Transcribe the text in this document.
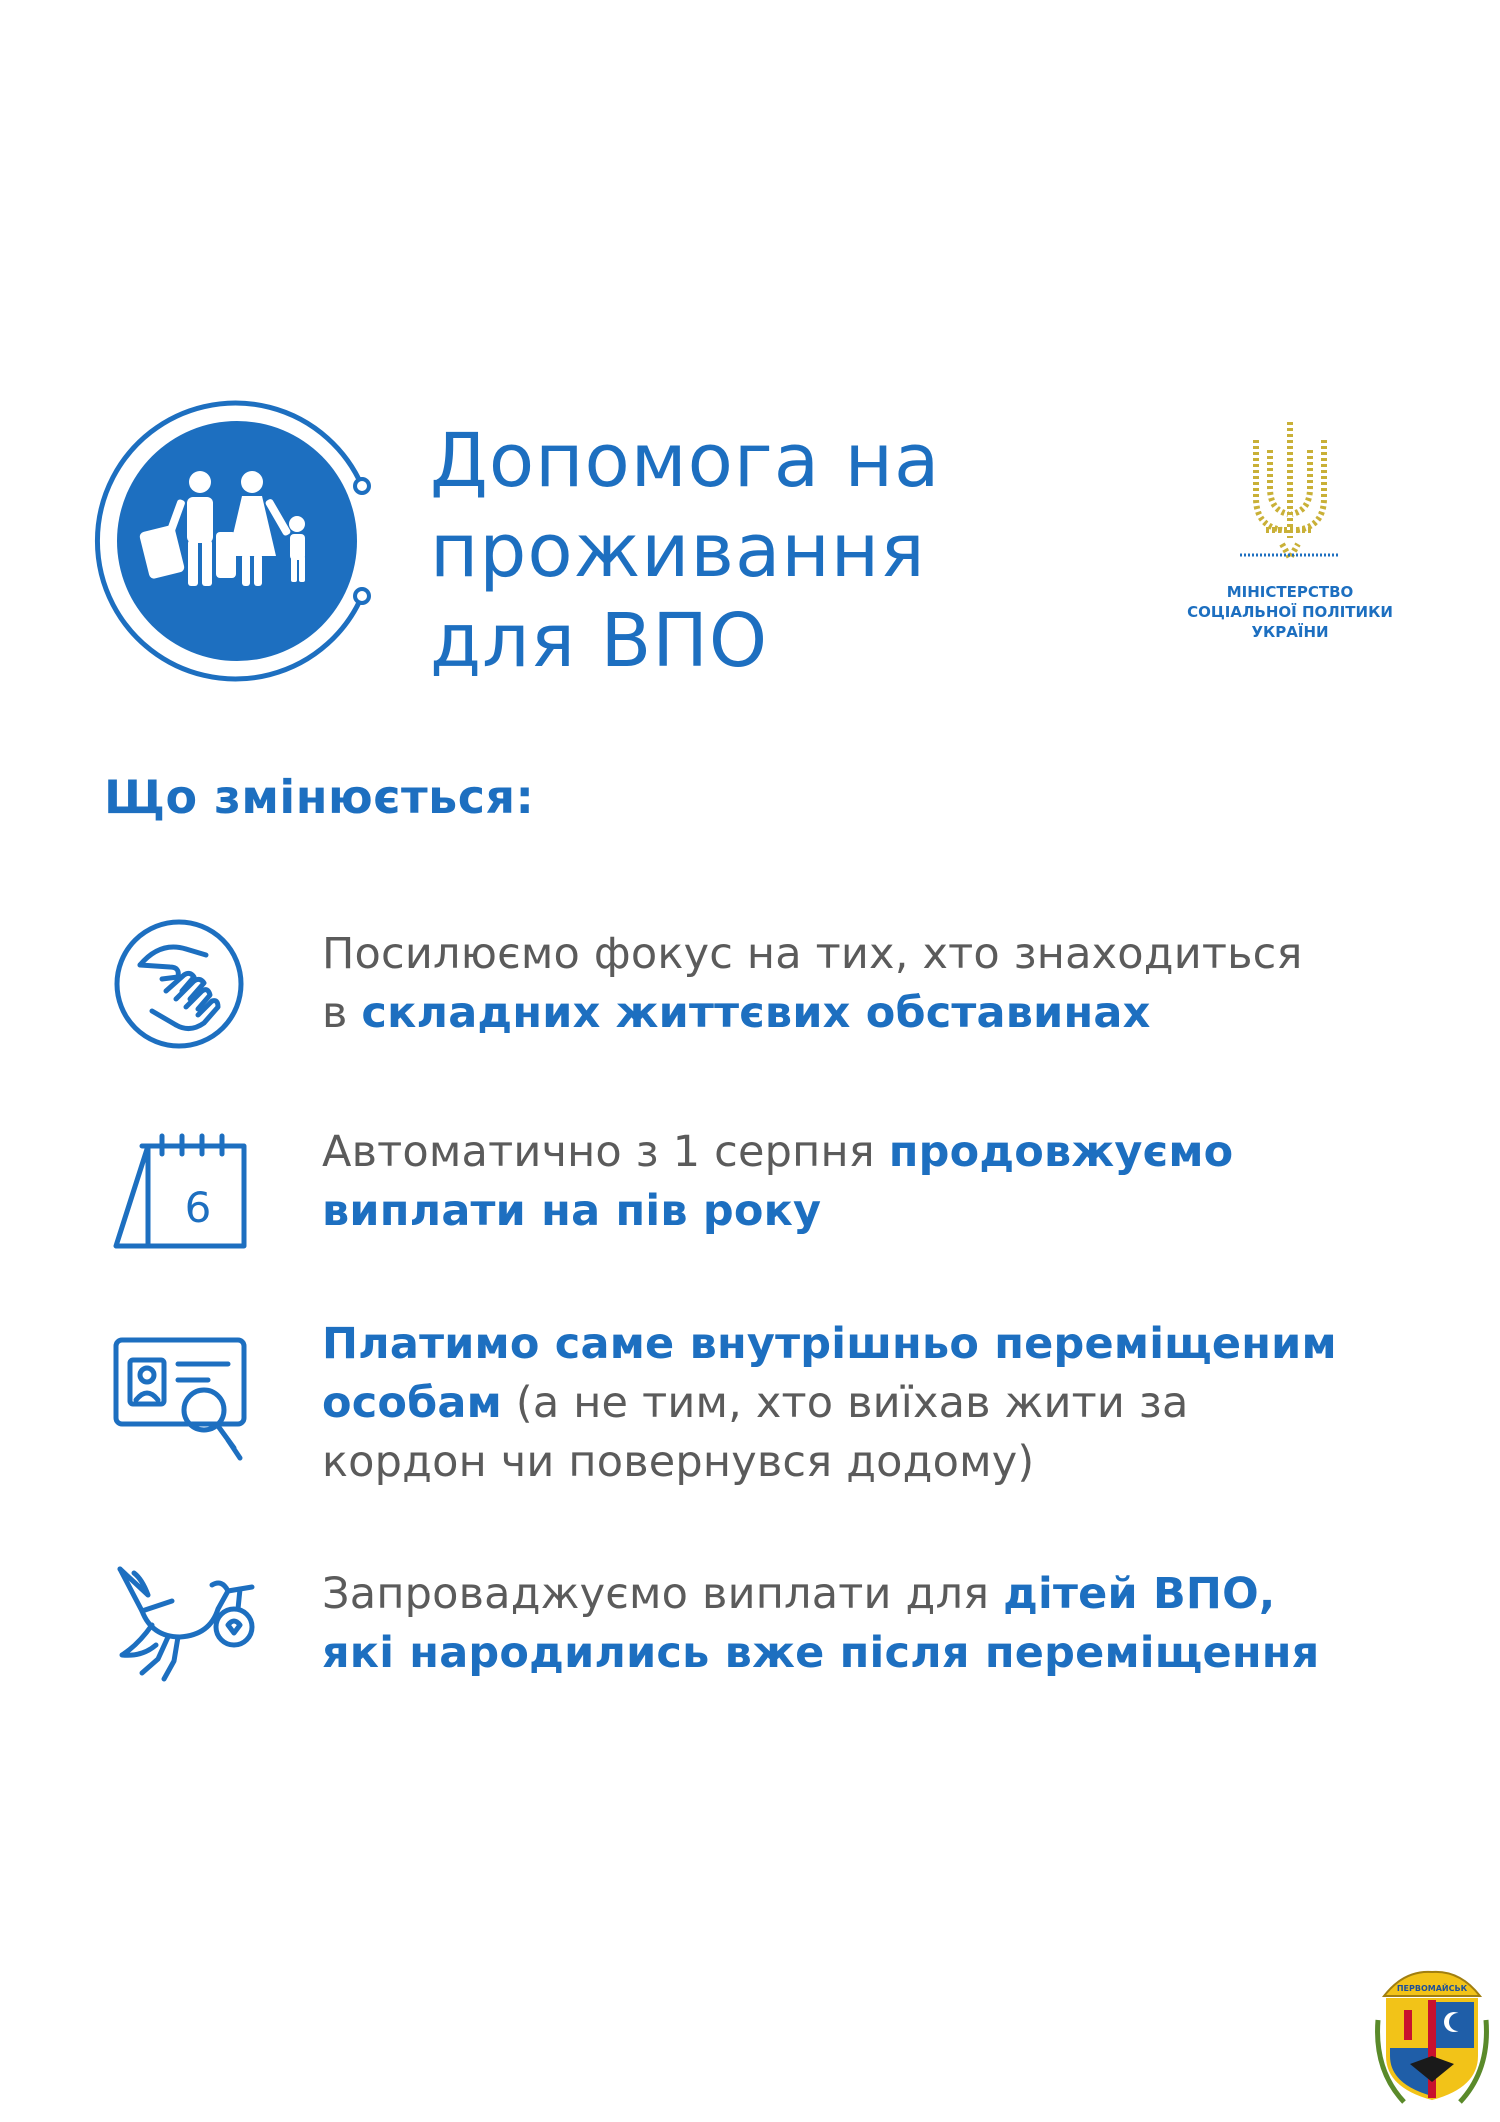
Допомога на
проживання
для ВПО
МІНІСТЕРСТВО
СОЦІАЛЬНОЇ ПОЛІТИКИ
УКРАЇНИ
Що змінюється:

Посилюємо фокус на тих, хто знаходиться
в складних життєвих обставинах

6

Автоматично з 1 серпня продовжуємо
виплати на пів року

Платимо саме внутрішньо переміщеним
особам (а не тим, хто виїхав жити за
кордон чи повернувся додому)

Запроваджуємо виплати для дітей ВПО,
які народились вже після переміщення

ПЕРВОМАЙСЬК
